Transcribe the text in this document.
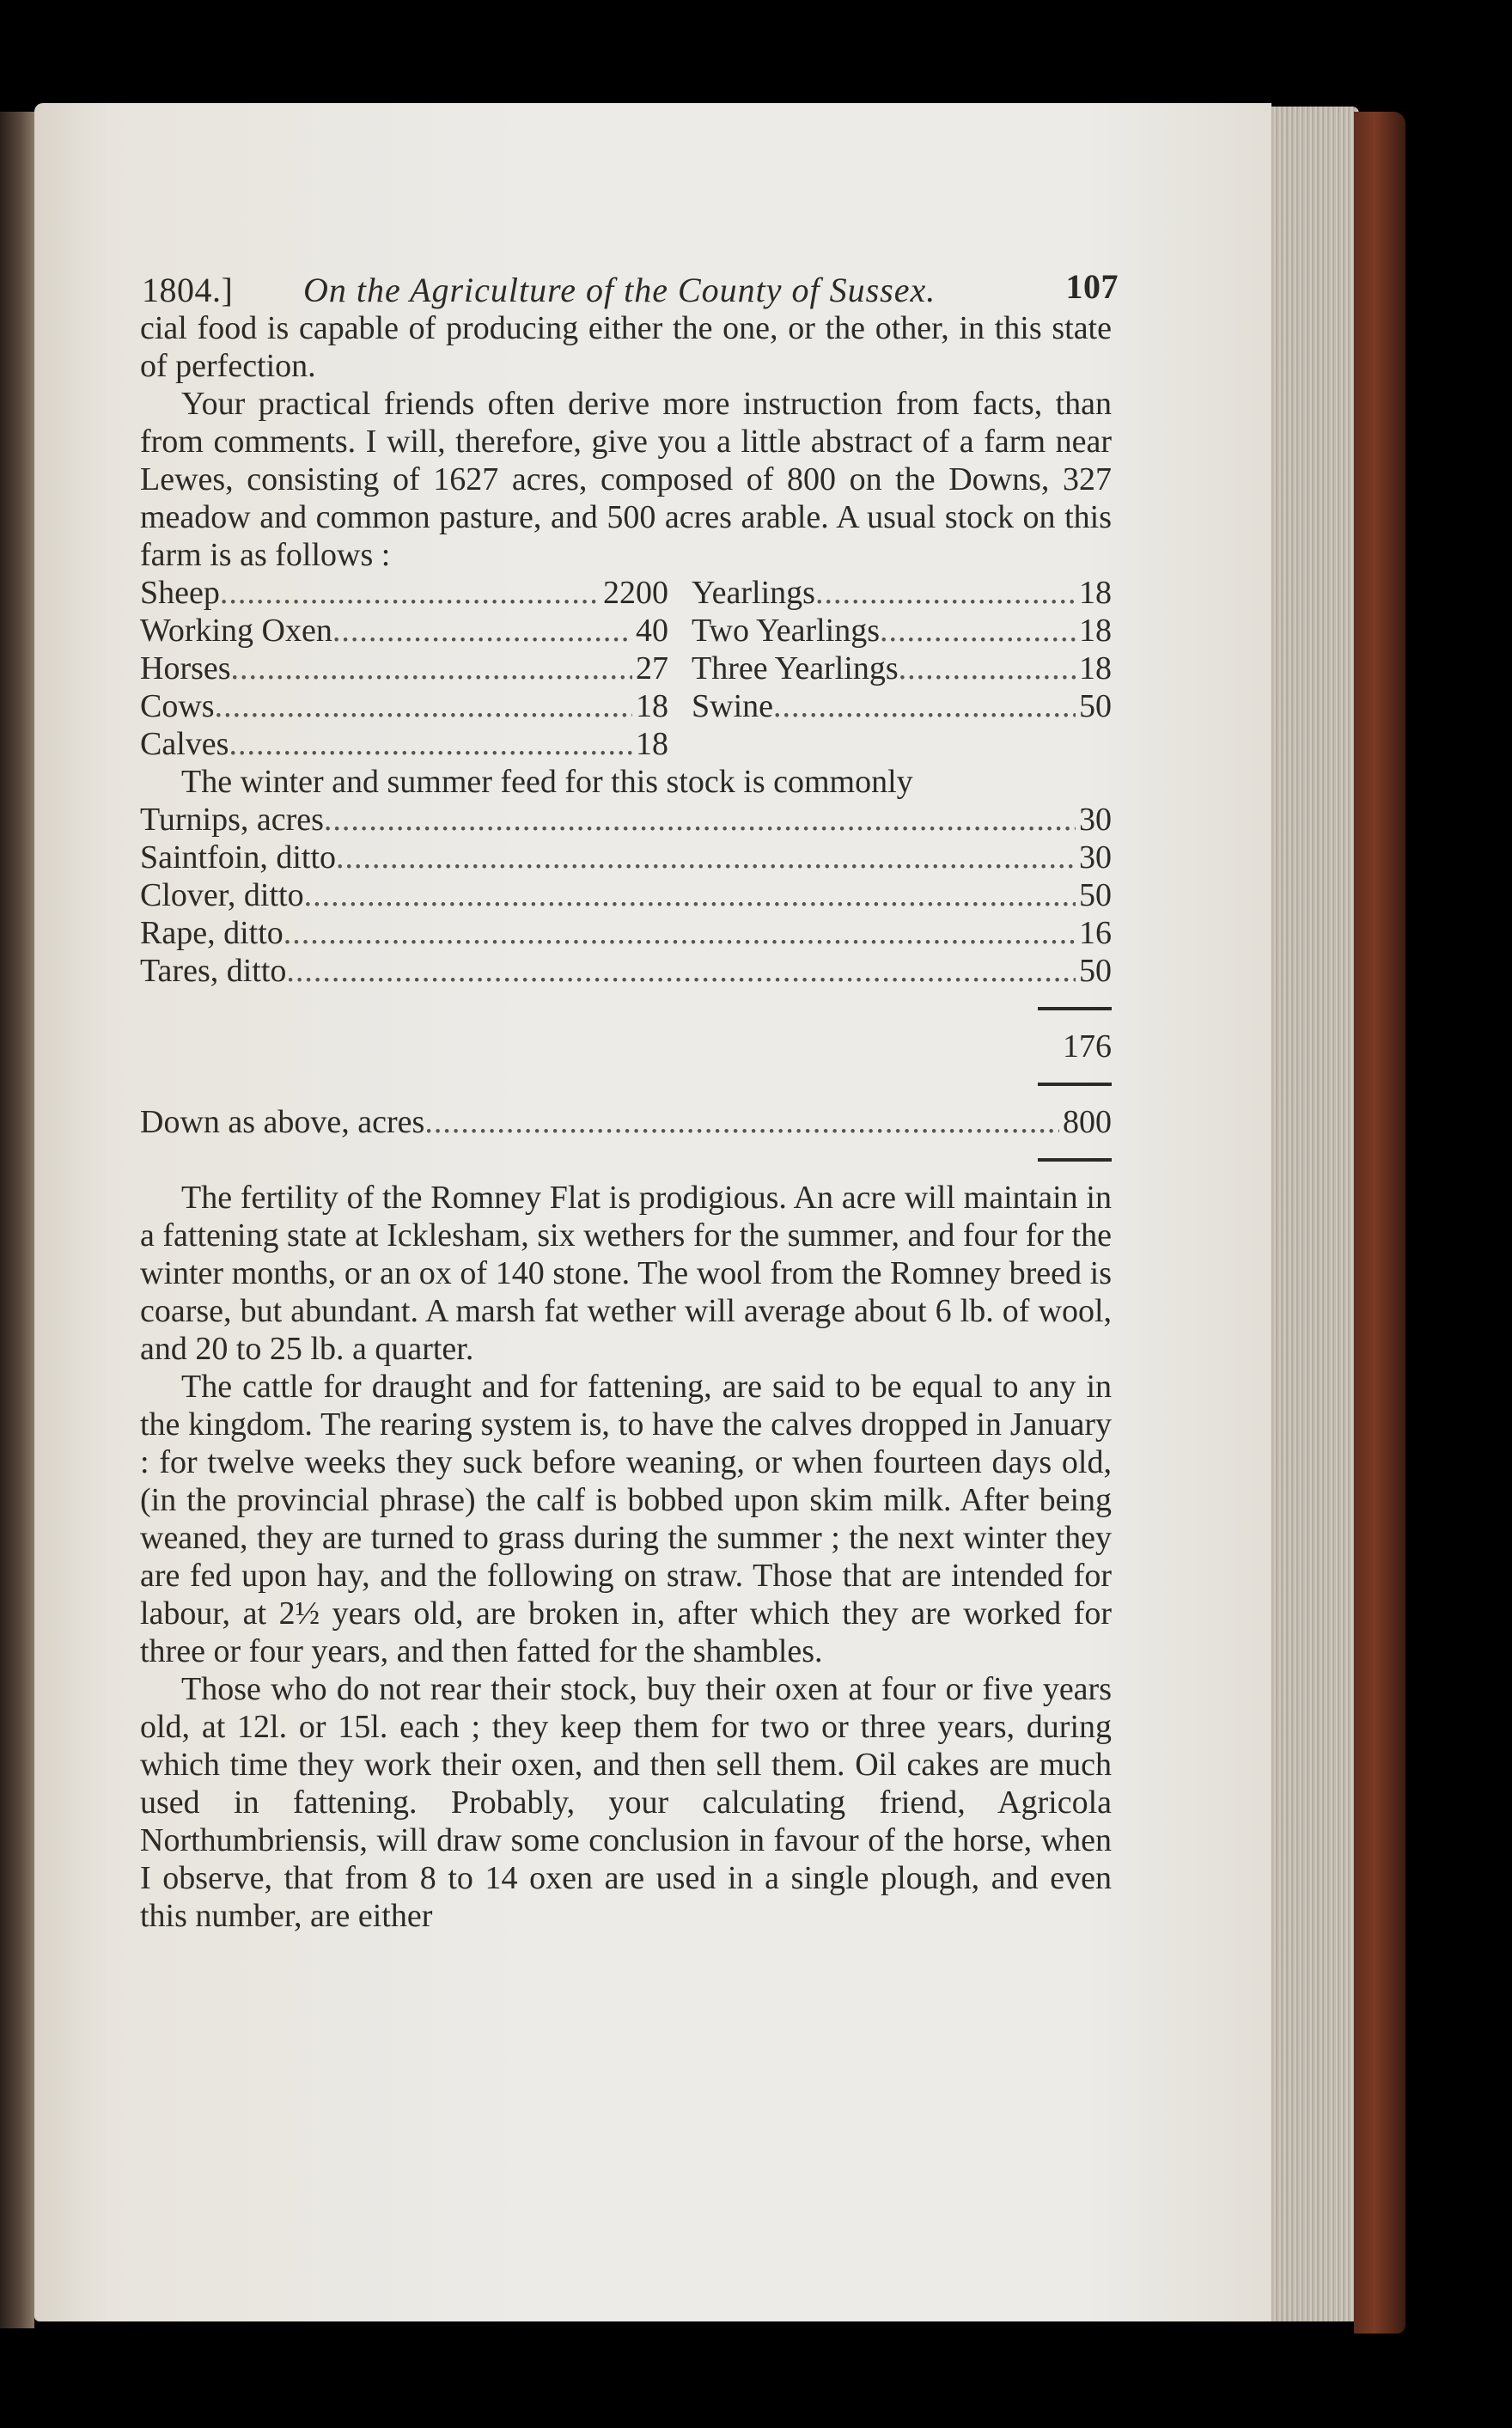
1804.] On the Agriculture of the County of Sussex.	107

cial food is capable of producing either the one, or the other, in this state of perfection.

Your practical friends often derive more instruction from facts, than from comments. I will, therefore, give you a little abstract of a farm near Lewes, consisting of 1627 acres, composed of 800 on the Downs, 327 meadow and common pasture, and 500 acres arable. A usual stock on this farm is as follows :

Sheep .....	2200
Working Oxen .....	40
Horses .....	27
Cows .....	18
Calves .....	18
Yearlings .....	18
Two Yearlings .....	18
Three Yearlings .....	18
Swine .....	50

The winter and summer feed for this stock is commonly

Turnips, acres .....	30
Saintfoin, ditto .....	30
Clover, ditto .....	50
Rape, ditto .....	16
Tares, ditto .....	50
176
Down as above, acres .....	800

The fertility of the Romney Flat is prodigious. An acre will maintain in a fattening state at Icklesham, six wethers for the summer, and four for the winter months, or an ox of 140 stone. The wool from the Romney breed is coarse, but abundant. A marsh fat wether will average about 6 lb. of wool, and 20 to 25 lb. a quarter.

The cattle for draught and for fattening, are said to be equal to any in the kingdom. The rearing system is, to have the calves dropped in January : for twelve weeks they suck before weaning, or when fourteen days old, (in the provincial phrase) the calf is bobbed upon skim milk. After being weaned, they are turned to grass during the summer ; the next winter they are fed upon hay, and the following on straw. Those that are intended for labour, at 2½ years old, are broken in, after which they are worked for three or four years, and then fatted for the shambles.

Those who do not rear their stock, buy their oxen at four or five years old, at 12l. or 15l. each ; they keep them for two or three years, during which time they work their oxen, and then sell them. Oil cakes are much used in fattening. Probably, your calculating friend, Agricola Northumbriensis, will draw some conclusion in favour of the horse, when I observe, that from 8 to 14 oxen are used in a single plough, and even this number, are either
